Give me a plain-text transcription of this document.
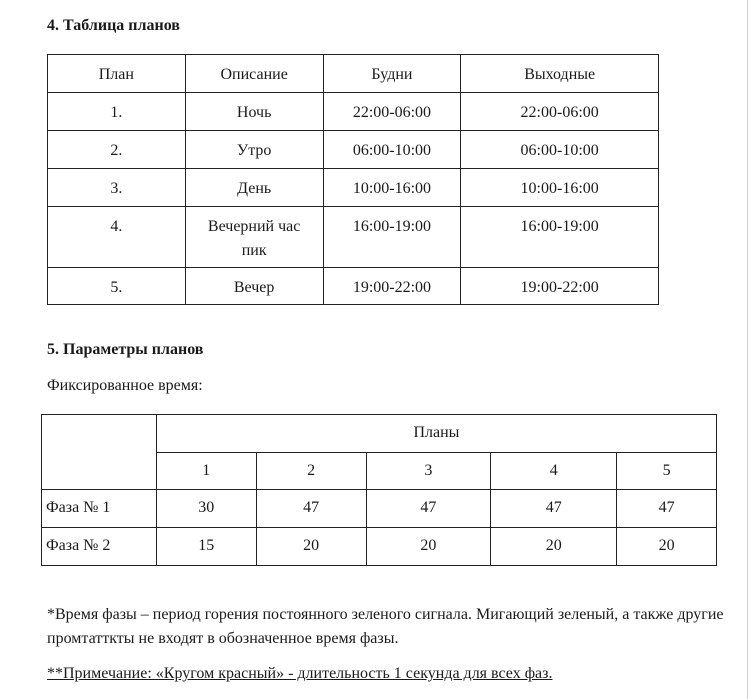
4. Таблица планов
План	Описание	Будни	Выходные
1.	Ночь	22:00-06:00	22:00-06:00
2.	Утро	06:00-10:00	06:00-10:00
3.	День	10:00-16:00	10:00-16:00
4.	Вечерний час пик	16:00-19:00	16:00-19:00
5.	Вечер	19:00-22:00	19:00-22:00
5. Параметры планов
Фиксированное время:
	Планы				
	1	2	3	4	5
Фаза № 1	30	47	47	47	47
Фаза № 2	15	20	20	20	20
*Время фазы – период горения постоянного зеленого сигнала. Мигающий зеленый, а также другие промтатткты не входят в обозначенное время фазы.
**Примечание: «Кругом красный» - длительность 1 секунда для всех фаз.
